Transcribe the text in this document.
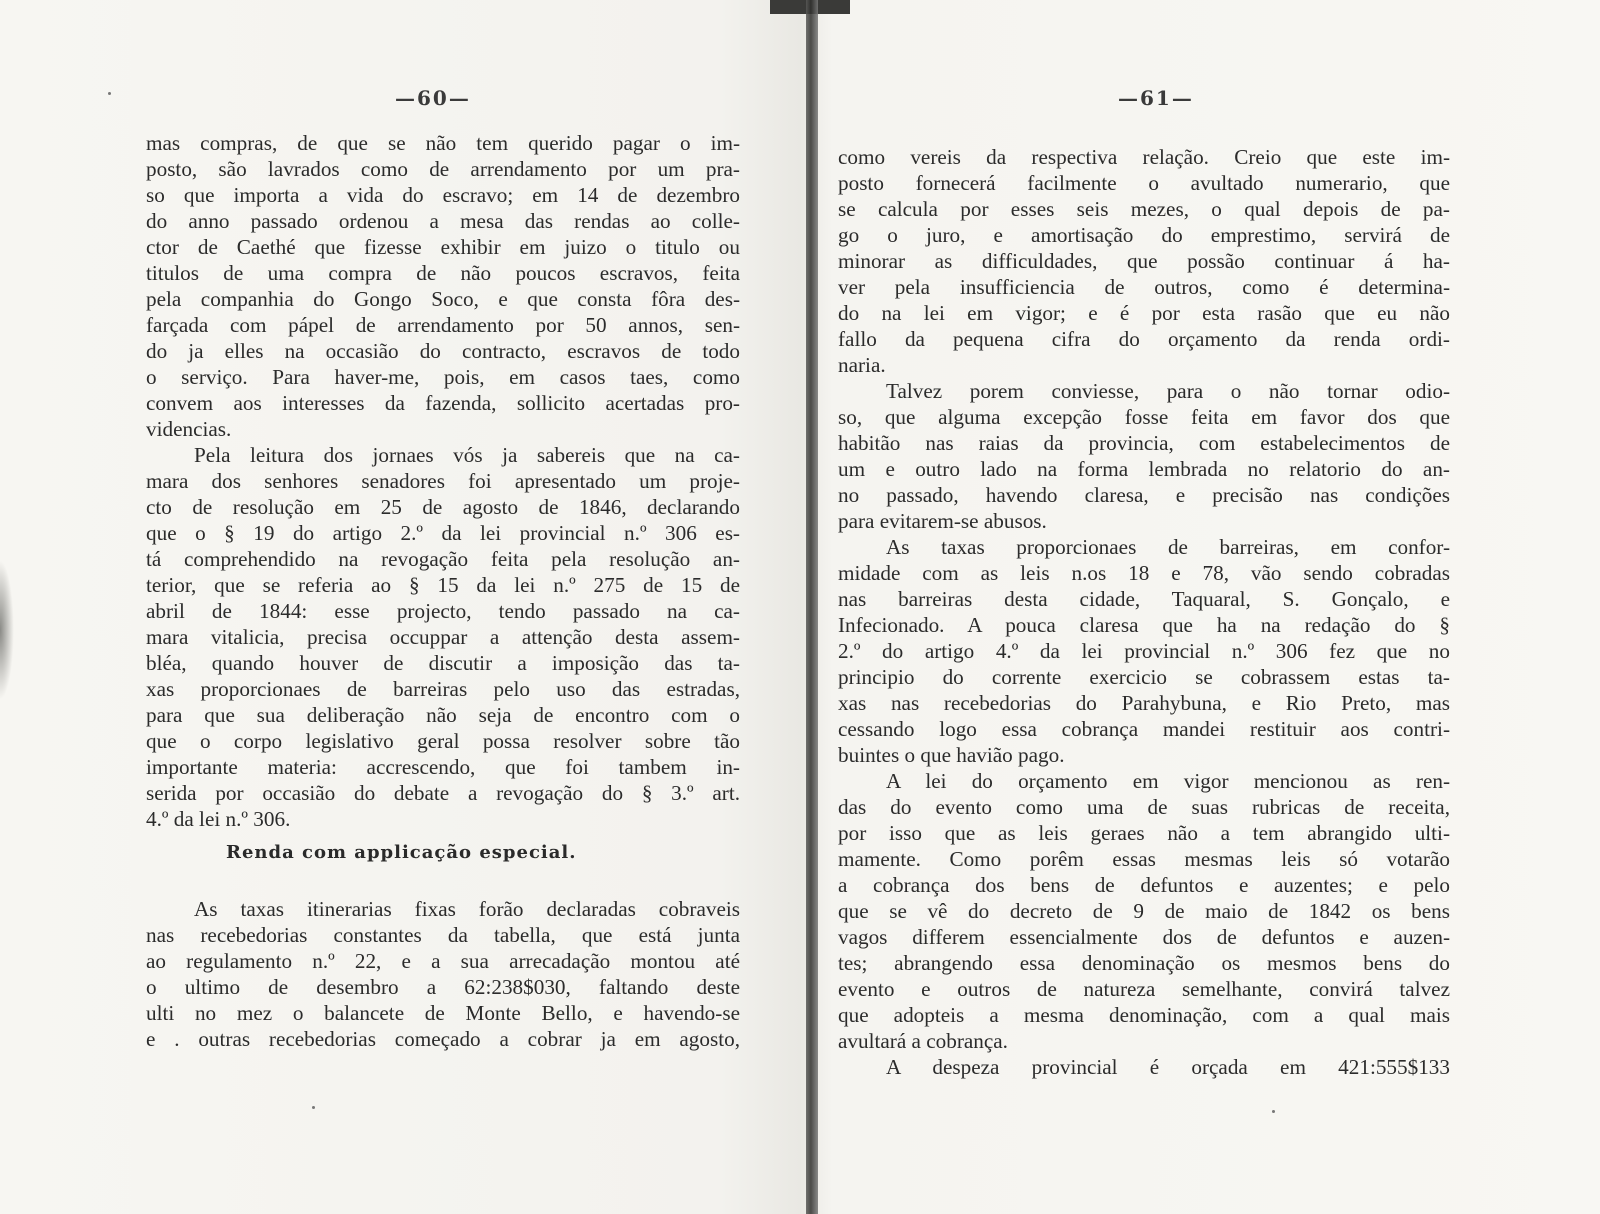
—60—

mas compras, de que se não tem querido pagar o im-
posto, são lavrados como de arrendamento por um pra-
so que importa a vida do escravo; em 14 de dezembro
do anno passado ordenou a mesa das rendas ao colle-
ctor de Caethé que fizesse exhibir em juizo o titulo ou
titulos de uma compra de não poucos escravos, feita
pela companhia do Gongo Soco, e que consta fôra des-
farçada com pápel de arrendamento por 50 annos, sen-
do ja elles na occasião do contracto, escravos de todo
o serviço. Para haver-me, pois, em casos taes, como
convem aos interesses da fazenda, sollicito acertadas pro-
videncias.

Pela leitura dos jornaes vós ja sabereis que na ca-
mara dos senhores senadores foi apresentado um proje-
cto de resolução em 25 de agosto de 1846, declarando
que o § 19 do artigo 2.º da lei provincial n.º 306 es-
tá comprehendido na revogação feita pela resolução an-
terior, que se referia ao § 15 da lei n.º 275 de 15 de
abril de 1844: esse projecto, tendo passado na ca-
mara vitalicia, precisa occuppar a attenção desta assem-
bléa, quando houver de discutir a imposição das ta-
xas proporcionaes de barreiras pelo uso das estradas,
para que sua deliberação não seja de encontro com o
que o corpo legislativo geral possa resolver sobre tão
importante materia: accrescendo, que foi tambem in-
serida por occasião do debate a revogação do § 3.º art.
4.º da lei n.º 306.

Renda com applicação especial.

As taxas itinerarias fixas forão declaradas cobraveis
nas recebedorias constantes da tabella, que está junta
ao regulamento n.º 22, e a sua arrecadação montou até
o ultimo de desembro a 62:238$030, faltando deste
ulti no mez o balancete de Monte Bello, e havendo-se
e . outras recebedorias começado a cobrar ja em agosto,

—61—

como vereis da respectiva relação. Creio que este im-
posto fornecerá facilmente o avultado numerario, que
se calcula por esses seis mezes, o qual depois de pa-
go o juro, e amortisação do emprestimo, servirá de
minorar as difficuldades, que possão continuar á ha-
ver pela insufficiencia de outros, como é determina-
do na lei em vigor; e é por esta rasão que eu não
fallo da pequena cifra do orçamento da renda ordi-
naria.

Talvez porem conviesse, para o não tornar odio-
so, que alguma excepção fosse feita em favor dos que
habitão nas raias da provincia, com estabelecimentos de
um e outro lado na forma lembrada no relatorio do an-
no passado, havendo claresa, e precisão nas condições
para evitarem-se abusos.

As taxas proporcionaes de barreiras, em confor-
midade com as leis n.os 18 e 78, vão sendo cobradas
nas barreiras desta cidade, Taquaral, S. Gonçalo, e
Infecionado. A pouca claresa que ha na redação do §
2.º do artigo 4.º da lei provincial n.º 306 fez que no
principio do corrente exercicio se cobrassem estas ta-
xas nas recebedorias do Parahybuna, e Rio Preto, mas
cessando logo essa cobrança mandei restituir aos contri-
buintes o que havião pago.

A lei do orçamento em vigor mencionou as ren-
das do evento como uma de suas rubricas de receita,
por isso que as leis geraes não a tem abrangido ulti-
mamente. Como porêm essas mesmas leis só votarão
a cobrança dos bens de defuntos e auzentes; e pelo
que se vê do decreto de 9 de maio de 1842 os bens
vagos differem essencialmente dos de defuntos e auzen-
tes; abrangendo essa denominação os mesmos bens do
evento e outros de natureza semelhante, convirá talvez
que adopteis a mesma denominação, com a qual mais
avultará a cobrança.

A despeza provincial é orçada em 421:555$133
